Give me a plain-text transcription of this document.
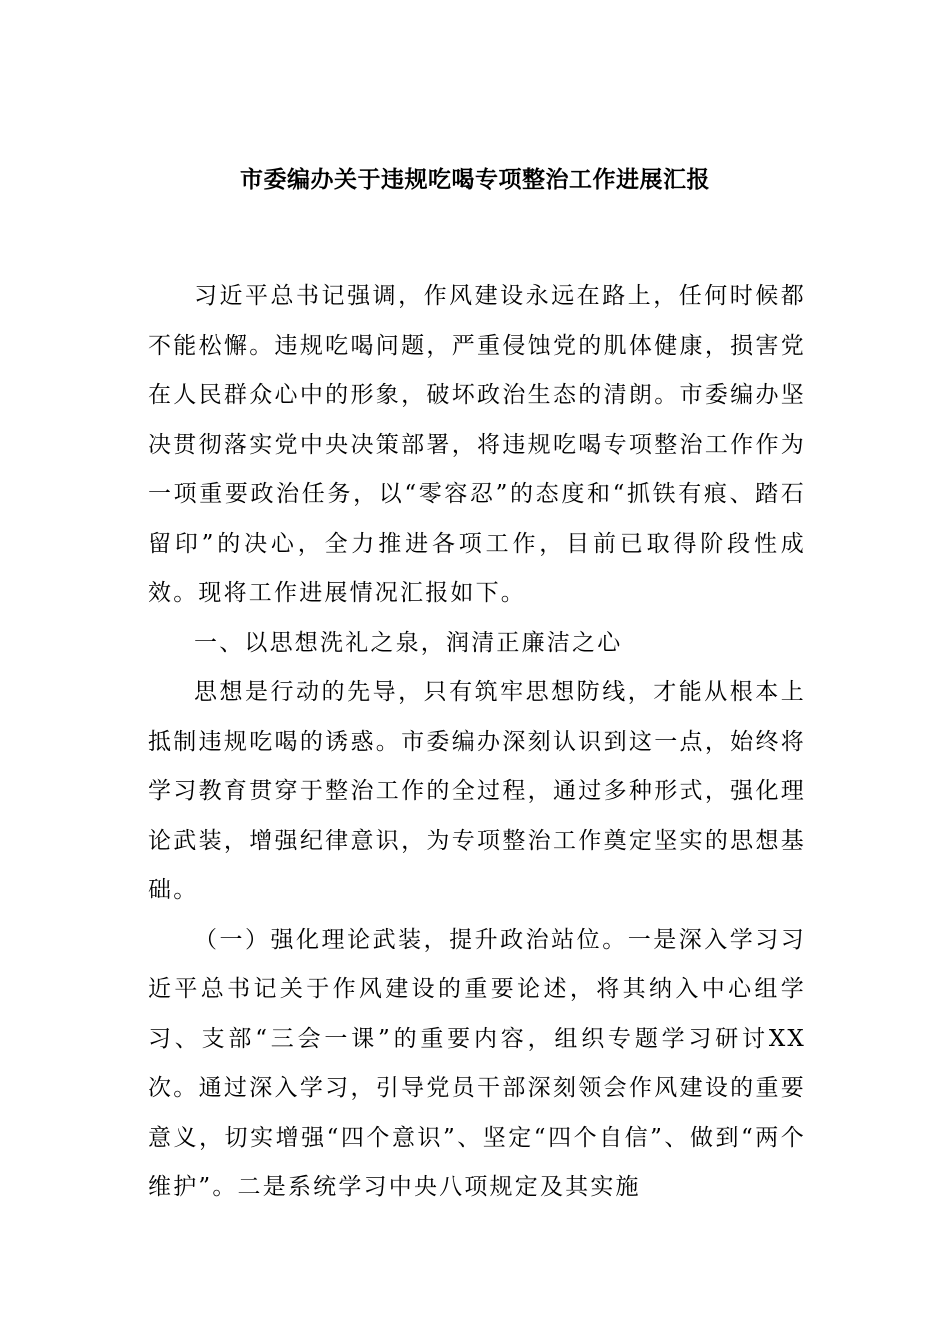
市委编办关于违规吃喝专项整治工作进展汇报

习近平总书记强调，作风建设永远在路上，任何时候都不能松懈。违规吃喝问题，严重侵蚀党的肌体健康，损害党在人民群众心中的形象，破坏政治生态的清朗。市委编办坚决贯彻落实党中央决策部署，将违规吃喝专项整治工作作为一项重要政治任务，以“零容忍”的态度和“抓铁有痕、踏石留印”的决心，全力推进各项工作，目前已取得阶段性成效。现将工作进展情况汇报如下。

一、以思想洗礼之泉，润清正廉洁之心

思想是行动的先导，只有筑牢思想防线，才能从根本上抵制违规吃喝的诱惑。市委编办深刻认识到这一点，始终将学习教育贯穿于整治工作的全过程，通过多种形式，强化理论武装，增强纪律意识，为专项整治工作奠定坚实的思想基础。

（一）强化理论武装，提升政治站位。一是深入学习习近平总书记关于作风建设的重要论述，将其纳入中心组学习、支部“三会一课”的重要内容，组织专题学习研讨XX次。通过深入学习，引导党员干部深刻领会作风建设的重要意义，切实增强“四个意识”、坚定“四个自信”、做到“两个维护”。二是系统学习中央八项规定及其实施
